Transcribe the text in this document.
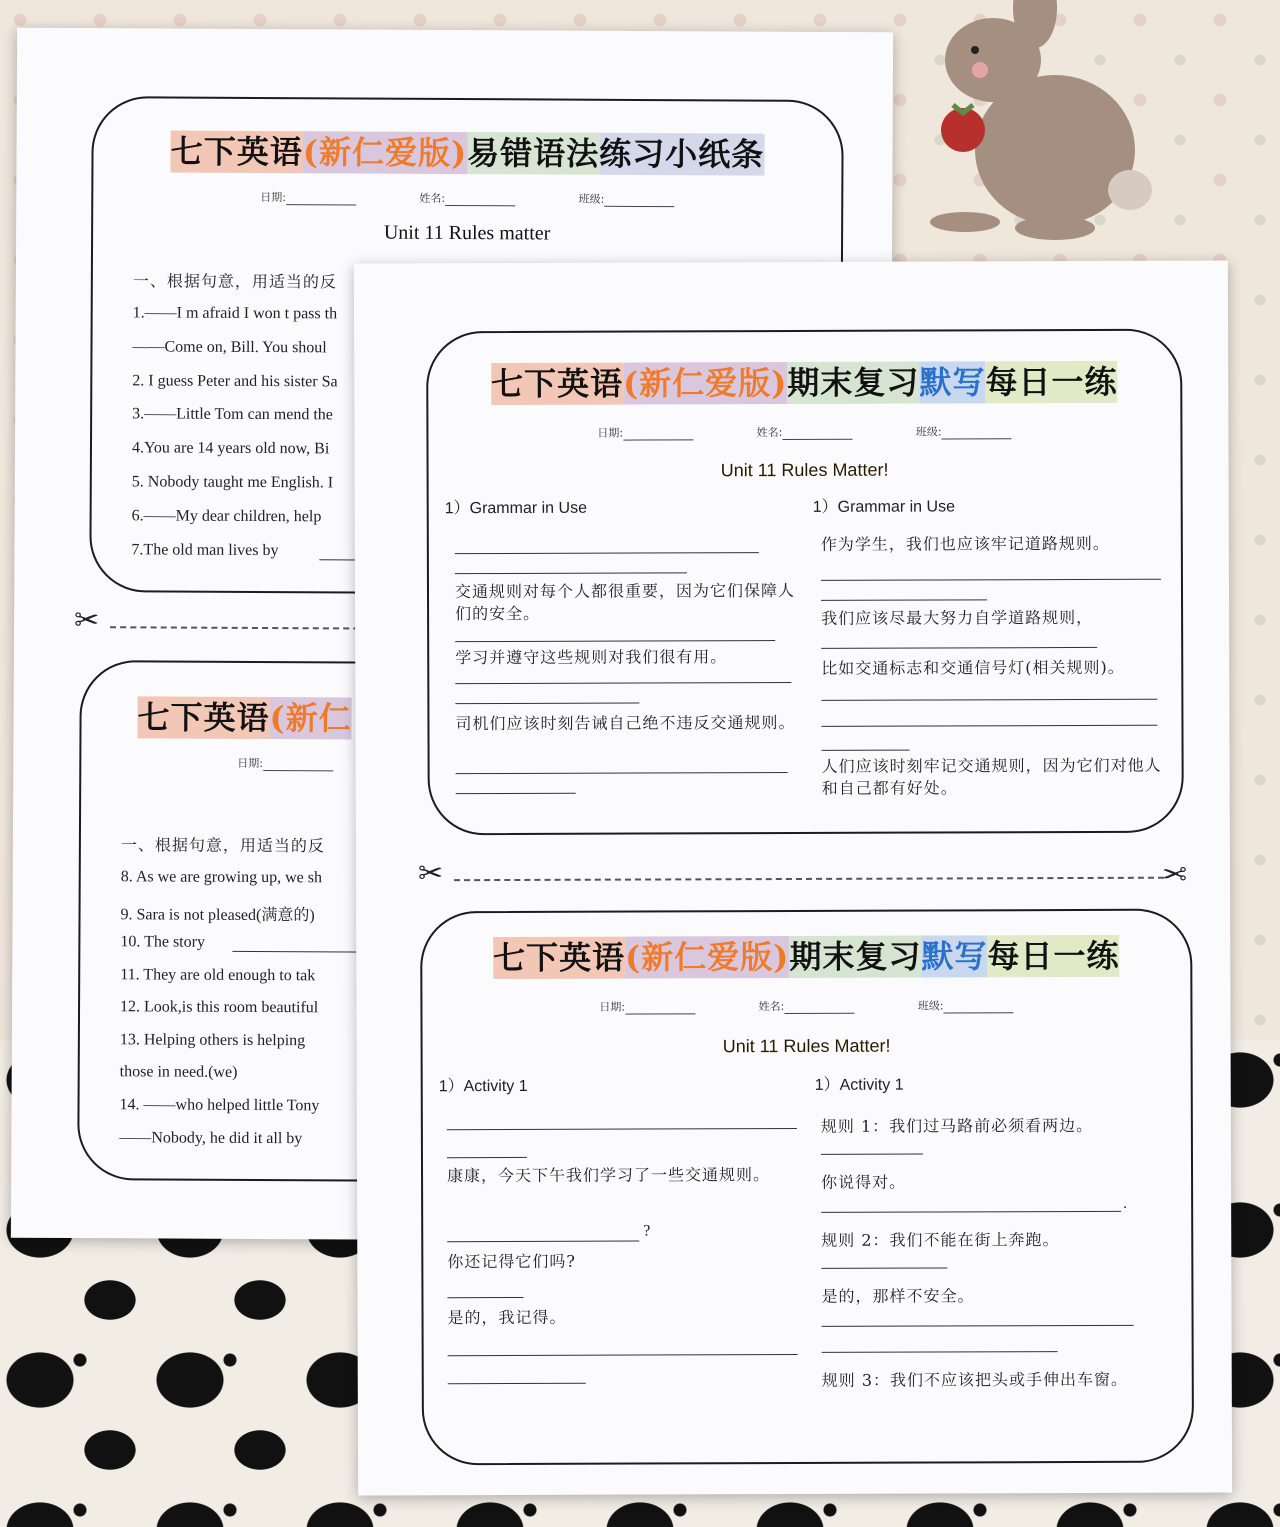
七下英语(新仁爱版)易错语法练习小纸条
日期:	姓名:	班级:
Unit 11 Rules matter
一、根据句意，用适当的反
1.——I m afraid I won t pass th
——Come on, Bill. You shoul
2. I guess Peter and his sister Sa
3.——Little Tom can mend the
4.You are 14 years old now, Bi
5. Nobody taught me English. I
6.——My dear children, help
7.The old man lives by
✂
七下英语(新仁
日期:
一、根据句意，用适当的反
8. As we are growing up, we sh
9. Sara is not pleased(满意的)
10. The story
11. They are old enough to tak
12. Look,is this room beautiful
13. Helping others is helping
those in need.(we)
14. ——who helped little Tony
——Nobody, he did it all by
七下英语(新仁爱版)期末复习默写每日一练
日期:	姓名:	班级:
Unit 11 Rules Matter!
1）Grammar in Use
交通规则对每个人都很重要，因为它们保障人们的安全。
学习并遵守这些规则对我们很有用。
司机们应该时刻告诫自己绝不违反交通规则。
1）Grammar in Use
作为学生，我们也应该牢记道路规则。
我们应该尽最大努力自学道路规则，
比如交通标志和交通信号灯(相关规则)。
人们应该时刻牢记交通规则，因为它们对他人和自己都有好处。
✂	✂
七下英语(新仁爱版)期末复习默写每日一练
日期:	姓名:	班级:
Unit 11 Rules Matter!
1）Activity 1
康康，今天下午我们学习了一些交通规则。
?
你还记得它们吗?
是的，我记得。
1）Activity 1
规则 1：我们过马路前必须看两边。
你说得对。
.
规则 2：我们不能在街上奔跑。
是的，那样不安全。
规则 3：我们不应该把头或手伸出车窗。
